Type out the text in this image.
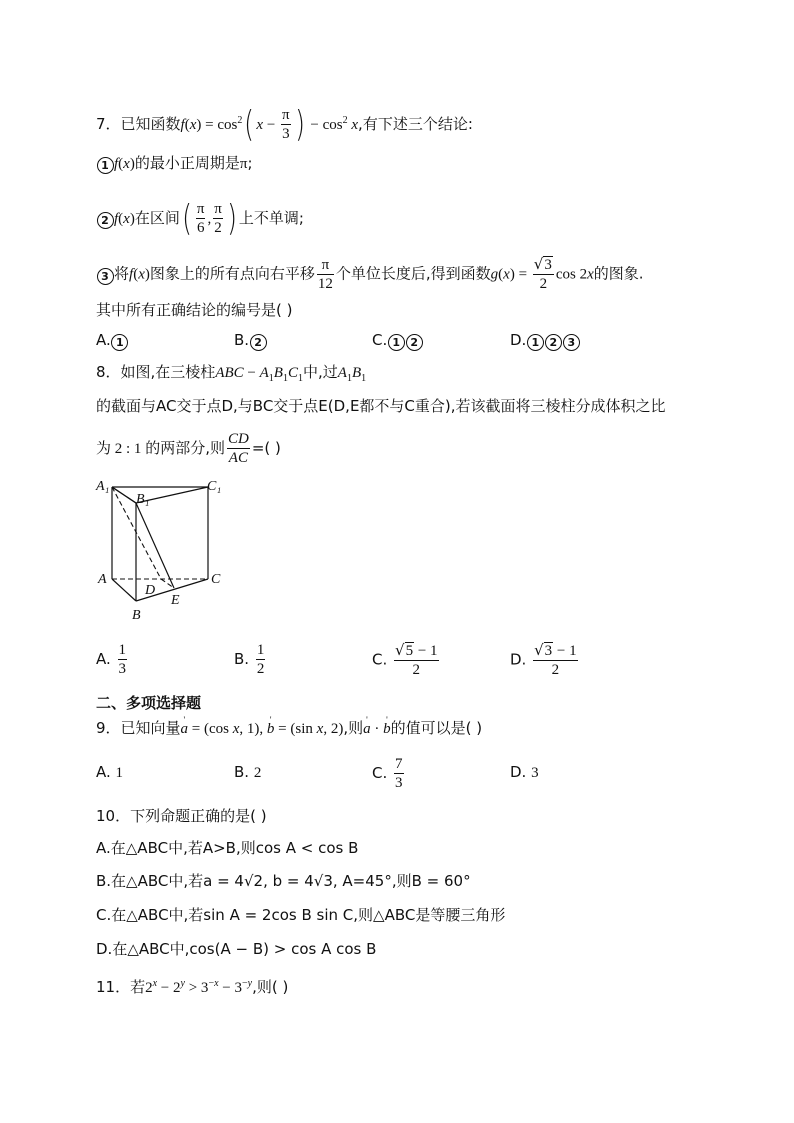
7．已知函数$f(x) = \cos^2$( $x - \frac{\pi}{3}$ ) − $\cos^2 x$,有下述三个结论:
1 f(x)的最小正周期是π;
2 f(x)在区间( $\frac{\pi}{6}$ , $\frac{\pi}{2}$ ) 上不单调;
3 将f(x)图象上的所有点向右平移 $\frac{\pi}{12}$ 个单位长度后,得到函数$g(x) = \frac{√3}{2}$ cos 2x的图象.
其中所有正确结论的编号是( )
A. 1	B. 2	C. 1 2	D. 1 2 3
8．如图,在三棱柱ABC − $A_1B_1C_1$中,过$A_1B_1$
的截面与AC交于点D,与BC交于点E(D,E都不与C重合),若该截面将三棱柱分成体积之比
为 2 : 1 的两部分,则 $\frac{CD}{AC}$ =( )
A₁
B₁
C₁
A
D
E
B
C
A. $\frac{1}{3}$	B. $\frac{1}{2}$	C. $\frac{√5 - 1}{2}$	D. $\frac{√3 - 1}{2}$
二、多项选择题
9．已知向量' a = (cos x, 1), ' b = (sin x, 2),则' a · ' b的值可以是( )
A. 1	B. 2	C. $\frac{7}{3}$	D. 3
10．下列命题正确的是( )
A.在△ABC中,若A>B,则cos A < cos B
B.在△ABC中,若a = 4√2, b = 4√3, A=45°,则B = 60°
C.在△ABC中,若sin A = 2cos B sin C,则△ABC是等腰三角形
D.在△ABC中,cos(A − B) > cos A cos B
11．若$2^x - 2^y > 3^{-x} - 3^{-y}$,则( )
